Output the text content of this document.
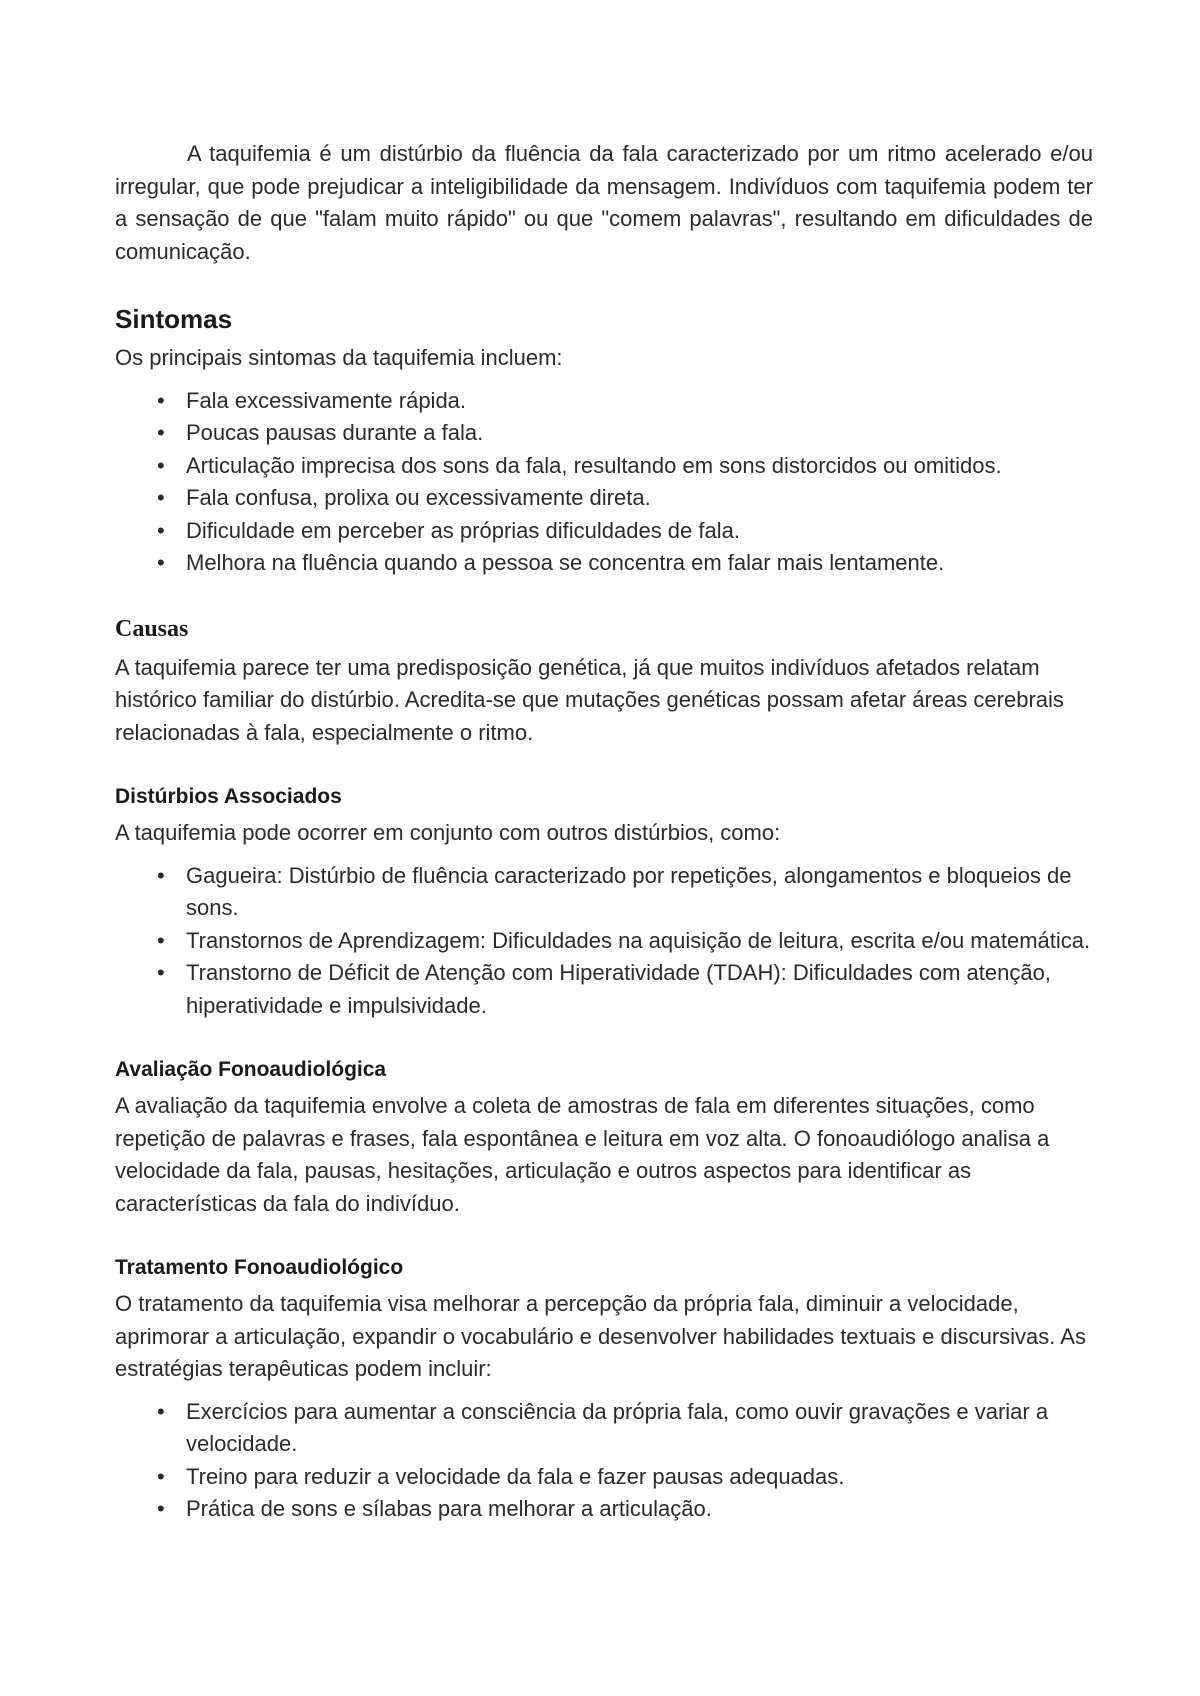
A taquifemia é um distúrbio da fluência da fala caracterizado por um ritmo acelerado e/ou irregular, que pode prejudicar a inteligibilidade da mensagem. Indivíduos com taquifemia podem ter a sensação de que "falam muito rápido" ou que "comem palavras", resultando em dificuldades de comunicação.

Sintomas

Os principais sintomas da taquifemia incluem:

• Fala excessivamente rápida.
• Poucas pausas durante a fala.
• Articulação imprecisa dos sons da fala, resultando em sons distorcidos ou omitidos.
• Fala confusa, prolixa ou excessivamente direta.
• Dificuldade em perceber as próprias dificuldades de fala.
• Melhora na fluência quando a pessoa se concentra em falar mais lentamente.
Causas

A taquifemia parece ter uma predisposição genética, já que muitos indivíduos afetados relatam histórico familiar do distúrbio. Acredita-se que mutações genéticas possam afetar áreas cerebrais relacionadas à fala, especialmente o ritmo.

Distúrbios Associados

A taquifemia pode ocorrer em conjunto com outros distúrbios, como:

• Gagueira: Distúrbio de fluência caracterizado por repetições, alongamentos e bloqueios de sons.
• Transtornos de Aprendizagem: Dificuldades na aquisição de leitura, escrita e/ou matemática.
• Transtorno de Déficit de Atenção com Hiperatividade (TDAH): Dificuldades com atenção, hiperatividade e impulsividade.
Avaliação Fonoaudiológica

A avaliação da taquifemia envolve a coleta de amostras de fala em diferentes situações, como repetição de palavras e frases, fala espontânea e leitura em voz alta. O fonoaudiólogo analisa a velocidade da fala, pausas, hesitações, articulação e outros aspectos para identificar as características da fala do indivíduo.

Tratamento Fonoaudiológico

O tratamento da taquifemia visa melhorar a percepção da própria fala, diminuir a velocidade, aprimorar a articulação, expandir o vocabulário e desenvolver habilidades textuais e discursivas. As estratégias terapêuticas podem incluir:

• Exercícios para aumentar a consciência da própria fala, como ouvir gravações e variar a velocidade.
• Treino para reduzir a velocidade da fala e fazer pausas adequadas.
• Prática de sons e sílabas para melhorar a articulação.
